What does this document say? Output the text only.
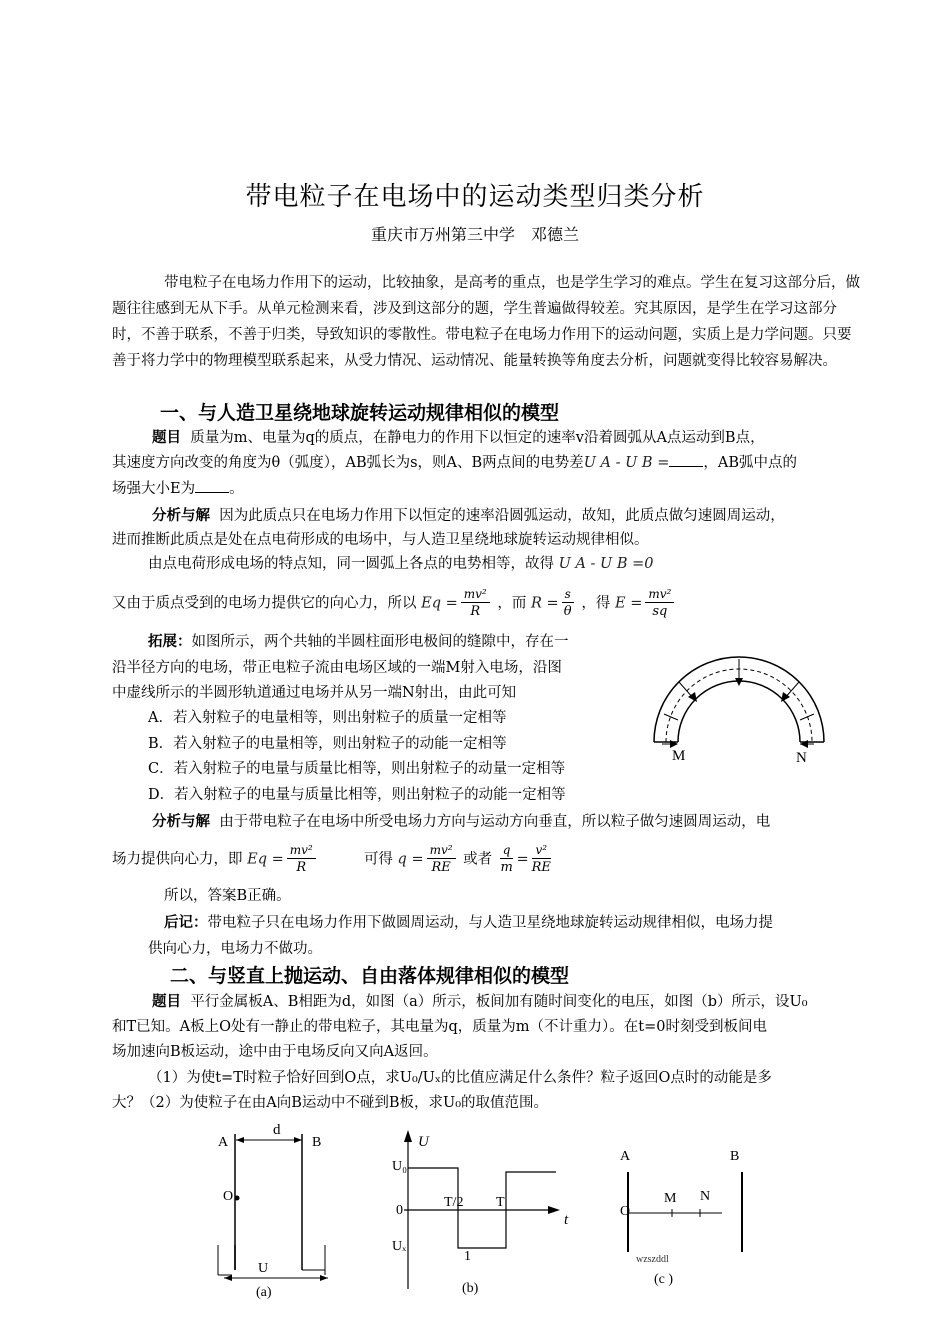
带电粒子在电场中的运动类型归类分析
重庆市万州第三中学　邓德兰
带电粒子在电场力作用下的运动，比较抽象，是高考的重点，也是学生学习的难点。学生在复习这部分后，做题往往感到无从下手。从单元检测来看，涉及到这部分的题，学生普遍做得较差。究其原因，是学生在学习这部分时，不善于联系，不善于归类，导致知识的零散性。带电粒子在电场力作用下的运动问题，实质上是力学问题。只要善于将力学中的物理模型联系起来，从受力情况、运动情况、能量转换等角度去分析，问题就变得比较容易解决。
一、与人造卫星绕地球旋转运动规律相似的模型
题目 质量为m、电量为q的质点，在静电力的作用下以恒定的速率v沿着圆弧从A点运动到B点，
其速度方向改变的角度为θ（弧度），AB弧长为s，则A、B两点间的电势差U A - U B = ，AB弧中点的
场强大小E为 。
分析与解 因为此质点只在电场力作用下以恒定的速率沿圆弧运动，故知，此质点做匀速圆周运动，
进而推断此质点是处在点电荷形成的电场中，与人造卫星绕地球旋转运动规律相似。
由点电荷形成电场的特点知，同一圆弧上各点的电势相等，故得 U A - U B =0
又由于质点受到的电场力提供它的向心力，所以 $Eq = \frac{\text{mv²}}{R}$ ，而 $R = \frac{s}{\theta}$ ，得 $E = \frac{\text{mv²}}{sq}$
拓展：如图所示，两个共轴的半圆柱面形电极间的缝隙中，存在一
沿半径方向的电场，带正电粒子流由电场区域的一端M射入电场，沿图
中虚线所示的半圆形轨道通过电场并从另一端N射出，由此可知
A．若入射粒子的电量相等，则出射粒子的质量一定相等
B．若入射粒子的电量相等，则出射粒子的动能一定相等
C．若入射粒子的电量与质量比相等，则出射粒子的动量一定相等
D．若入射粒子的电量与质量比相等，则出射粒子的动能一定相等
M	N
分析与解 由于带电粒子在电场中所受电场力方向与运动方向垂直，所以粒子做匀速圆周运动，电
场力提供向心力，即 $Eq = \frac{\text{mv²}}{R}$	可得 $q = \frac{\text{mv²}}{RE}$ 或者 $\frac{q}{m} = \frac{\text{v²}}{RE}$
所以，答案B正确。
后记：带电粒子只在电场力作用下做圆周运动，与人造卫星绕地球旋转运动规律相似，电场力提
供向心力，电场力不做功。
二、与竖直上抛运动、自由落体规律相似的模型
题目 平行金属板A、B相距为d，如图（a）所示，板间加有随时间变化的电压，如图（b）所示，设U₀
和T已知。A板上O处有一静止的带电粒子，其电量为q，质量为m（不计重力）。在t=0时刻受到板间电
场加速向B板运动，途中由于电场反向又向A返回。
（1）为使t=T时粒子恰好回到O点，求U₀/Uₓ的比值应满足什么条件？粒子返回O点时的动能是多
大？（2）为使粒子在由A向B运动中不碰到B板，求U₀的取值范围。
A	B
d
O
U
(a)
U
U₀
t
0
T/2 T
Uₓ
1
(b)
A	B
O
M N
wzszddl
(c )
